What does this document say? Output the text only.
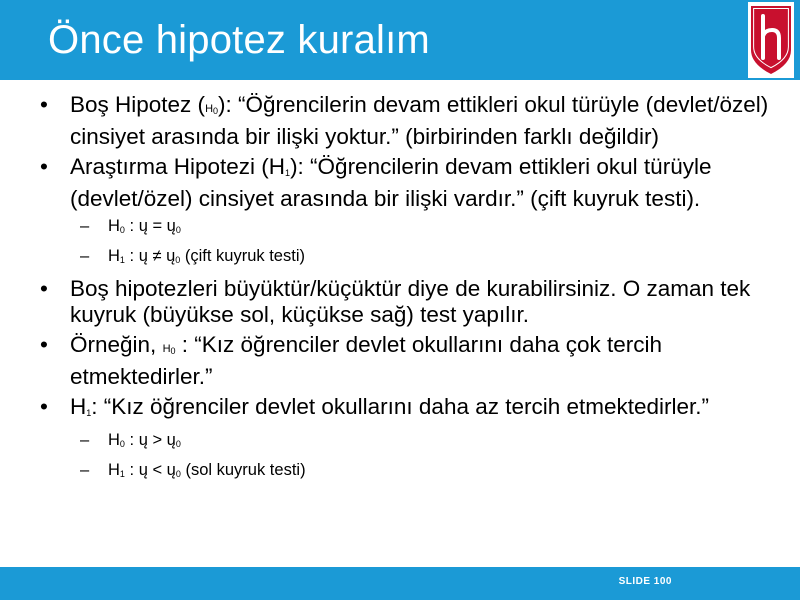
Önce hipotez kuralım
• Boş Hipotez $(H_0)$: “Öğrencilerin devam ettikleri okul türüyle (devlet/özel) cinsiyet arasında bir ilişki yoktur.” (birbirinden farklı değildir)
• Araştırma Hipotezi $(H_1)$: “Öğrencilerin devam ettikleri okul türüyle (devlet/özel) cinsiyet arasında bir ilişki vardır.” (çift kuyruk testi).
– $H_0$ : ų = $ų_0$
– $H_1$ : ų ≠ $ų_0$ (çift kuyruk testi)
• Boş hipotezleri büyüktür/küçüktür diye de kurabilirsiniz. O zaman tek kuyruk (büyükse sol, küçükse sağ) test yapılır.
• Örneğin, $H_0$ : “Kız öğrenciler devlet okullarını daha çok tercih etmektedirler.”
• $H_1$: “Kız öğrenciler devlet okullarını daha az tercih etmektedirler.”
– $H_0$ : ų > $ų_0$
– $H_1$ : ų < $ų_0$ (sol kuyruk testi)
SLIDE 100
